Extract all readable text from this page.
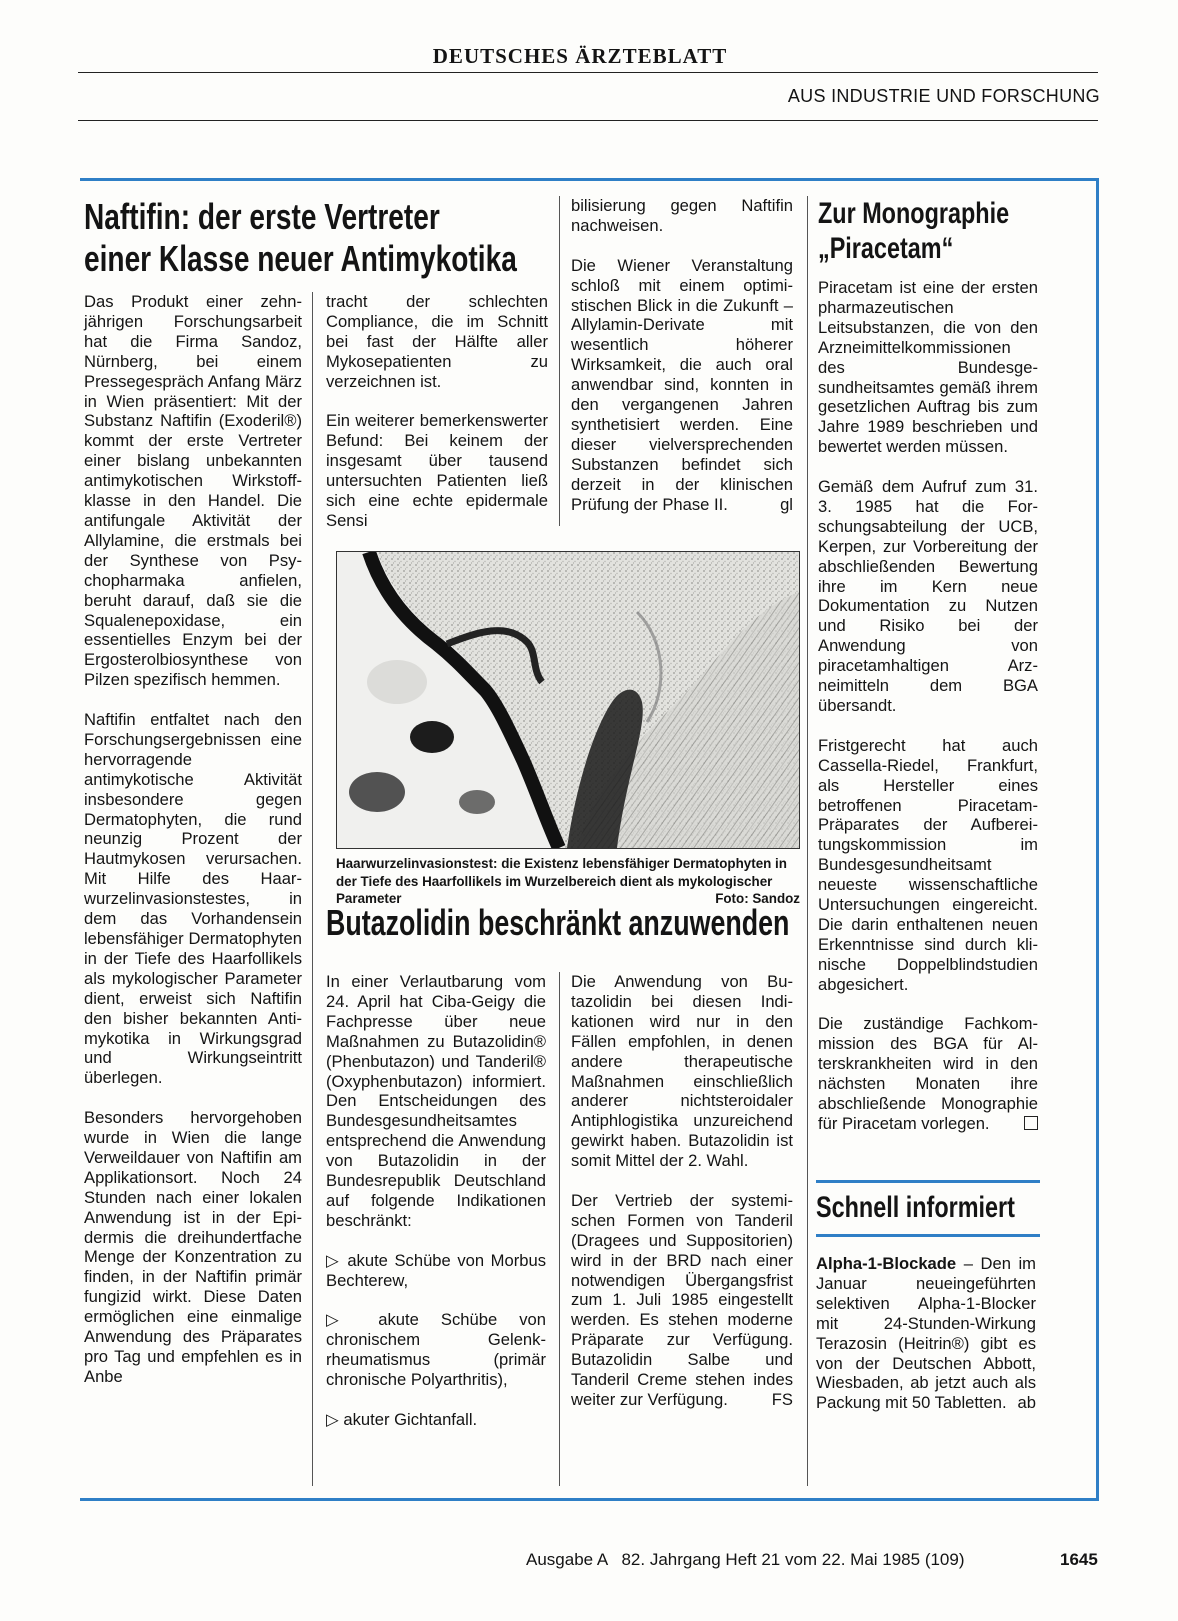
DEUTSCHES ÄRZTEBLATT
AUS INDUSTRIE UND FORSCHUNG
Naftifin: der erste Vertreter
einer Klasse neuer Antimykotika

Das Produkt einer zehnjährigen Forschungsarbeit hat die Firma Sandoz, Nürnberg, bei einem Pressegespräch Anfang März in Wien präsentiert: Mit der Substanz Naftifin (Exoderil®) kommt der erste Vertreter einer bislang unbekannten antimykotischen Wirkstoffklasse in den Handel. Die antifungale Aktivität der Allylamine, die erstmals bei der Synthese von Psychopharmaka anfielen, beruht darauf, daß sie die Squalenepoxidase, ein essentielles Enzym bei der Ergosterolbiosynthese von Pilzen spezifisch hemmen.

Naftifin entfaltet nach den Forschungsergebnissen eine hervorragende antimykotische Aktivität insbesondere gegen Dermatophyten, die rund neunzig Prozent der Hautmykosen verursachen. Mit Hilfe des Haarwurzelinvasionstestes, in dem das Vorhandensein lebensfähiger Dermatophyten in der Tiefe des Haarfollikels als mykologischer Parameter dient, erweist sich Naftifin den bisher bekannten Antimykotika in Wirkungsgrad und Wirkungseintritt überlegen.

Besonders hervorgehoben wurde in Wien die lange Verweildauer von Naftifin am Applikationsort. Noch 24 Stunden nach einer lokalen Anwendung ist in der Epidermis die dreihundertfache Menge der Konzentration zu finden, in der Naftifin primär fungizid wirkt. Diese Daten ermöglichen eine einmalige Anwendung des Präparates pro Tag und empfehlen es in Anbe

tracht der schlechten Compliance, die im Schnitt bei fast der Hälfte aller Mykosepatienten zu verzeichnen ist.

Ein weiterer bemerkenswerter Befund: Bei keinem der insgesamt über tausend untersuchten Patienten ließ sich eine echte epidermale Sensi

bilisierung gegen Naftifin nachweisen.

Die Wiener Veranstaltung schloß mit einem optimistischen Blick in die Zukunft – Allylamin-Derivate mit wesentlich höherer Wirksamkeit, die auch oral anwendbar sind, konnten in den vergangenen Jahren synthetisiert werden. Eine dieser vielversprechenden Substanzen befindet sich derzeit in der klinischen Prüfung der Phase II.	gl

Haarwurzelinvasionstest: die Existenz lebensfähiger Dermatophyten in der Tiefe des Haarfollikels im Wurzelbereich dient als mykologischer Parameter	Foto: Sandoz
Butazolidin beschränkt anzuwenden

In einer Verlautbarung vom 24. April hat Ciba-Geigy die Fachpresse über neue Maßnahmen zu Butazolidin® (Phenbutazon) und Tanderil® (Oxyphenbutazon) informiert. Den Entscheidungen des Bundesgesundheitsamtes entsprechend die Anwendung von Butazolidin in der Bundesrepublik Deutschland auf folgende Indikationen beschränkt:

▷ akute Schübe von Morbus Bechterew,

▷ akute Schübe von chronischem Gelenkrheumatismus (primär chronische Polyarthritis),

▷ akuter Gichtanfall.

Die Anwendung von Butazolidin bei diesen Indikationen wird nur in den Fällen empfohlen, in denen andere therapeutische Maßnahmen einschließlich anderer nichtsteroidaler Antiphlogistika unzureichend gewirkt haben. Butazolidin ist somit Mittel der 2. Wahl.

Der Vertrieb der systemischen Formen von Tanderil (Dragees und Suppositorien) wird in der BRD nach einer notwendigen Übergangsfrist zum 1. Juli 1985 eingestellt werden. Es stehen moderne Präparate zur Verfügung. Butazolidin Salbe und Tanderil Creme stehen indes weiter zur Verfügung.	FS

Zur Monographie
„Piracetam“

Piracetam ist eine der ersten pharmazeutischen Leitsubstanzen, die von den Arzneimittelkommissionen des Bundesgesundheitsamtes gemäß ihrem gesetzlichen Auftrag bis zum Jahre 1989 beschrieben und bewertet werden müssen.

Gemäß dem Aufruf zum 31. 3. 1985 hat die Forschungsabteilung der UCB, Kerpen, zur Vorbereitung der abschließenden Bewertung ihre im Kern neue Dokumentation zu Nutzen und Risiko bei der Anwendung von piracetamhaltigen Arzneimitteln dem BGA übersandt.

Fristgerecht hat auch Cassella-Riedel, Frankfurt, als Hersteller eines betroffenen Piracetam-Präparates der Aufbereitungskommission im Bundesgesundheitsamt neueste wissenschaftliche Untersuchungen eingereicht. Die darin enthaltenen neuen Erkenntnisse sind durch klinische Doppelblindstudien abgesichert.

Die zuständige Fachkommission des BGA für Alterskrankheiten wird in den nächsten Monaten ihre abschließende Monographie für Piracetam vorlegen.

Schnell informiert

Alpha-1-Blockade – Den im Januar neueingeführten selektiven Alpha-1-Blocker mit 24-Stunden-Wirkung Terazosin (Heitrin®) gibt es von der Deutschen Abbott, Wiesbaden, ab jetzt auch als Packung mit 50 Tabletten. ab

Ausgabe A   82. Jahrgang Heft 21 vom 22. Mai 1985 (109)	1645
